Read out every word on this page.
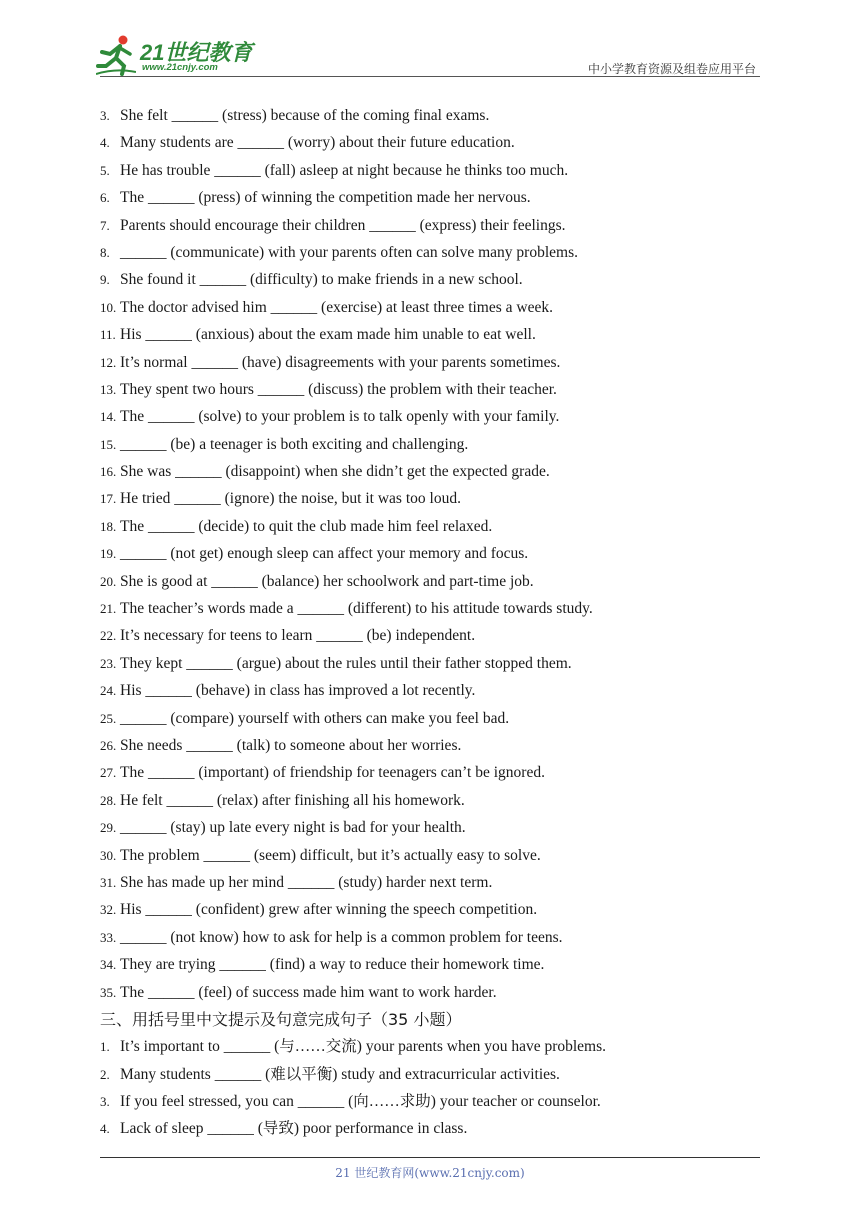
21世纪教育
www.21cnjy.com	中小学教育资源及组卷应用平台
3. She felt ______ (stress) because of the coming final exams.
4. Many students are ______ (worry) about their future education.
5. He has trouble ______ (fall) asleep at night because he thinks too much.
6. The ______ (press) of winning the competition made her nervous.
7. Parents should encourage their children ______ (express) their feelings.
8. ______ (communicate) with your parents often can solve many problems.
9. She found it ______ (difficulty) to make friends in a new school.
10. The doctor advised him ______ (exercise) at least three times a week.
11. His ______ (anxious) about the exam made him unable to eat well.
12. It’s normal ______ (have) disagreements with your parents sometimes.
13. They spent two hours ______ (discuss) the problem with their teacher.
14. The ______ (solve) to your problem is to talk openly with your family.
15. ______ (be) a teenager is both exciting and challenging.
16. She was ______ (disappoint) when she didn’t get the expected grade.
17. He tried ______ (ignore) the noise, but it was too loud.
18. The ______ (decide) to quit the club made him feel relaxed.
19. ______ (not get) enough sleep can affect your memory and focus.
20. She is good at ______ (balance) her schoolwork and part-time job.
21. The teacher’s words made a ______ (different) to his attitude towards study.
22. It’s necessary for teens to learn ______ (be) independent.
23. They kept ______ (argue) about the rules until their father stopped them.
24. His ______ (behave) in class has improved a lot recently.
25. ______ (compare) yourself with others can make you feel bad.
26. She needs ______ (talk) to someone about her worries.
27. The ______ (important) of friendship for teenagers can’t be ignored.
28. He felt ______ (relax) after finishing all his homework.
29. ______ (stay) up late every night is bad for your health.
30. The problem ______ (seem) difficult, but it’s actually easy to solve.
31. She has made up her mind ______ (study) harder next term.
32. His ______ (confident) grew after winning the speech competition.
33. ______ (not know) how to ask for help is a common problem for teens.
34. They are trying ______ (find) a way to reduce their homework time.
35. The ______ (feel) of success made him want to work harder.
三、用括号里中文提示及句意完成句子（35 小题）
1. It’s important to ______ (与……交流) your parents when you have problems.
2. Many students ______ (难以平衡) study and extracurricular activities.
3. If you feel stressed, you can ______ (向……求助) your teacher or counselor.
4. Lack of sleep ______ (导致) poor performance in class.
21 世纪教育网(www.21cnjy.com)
